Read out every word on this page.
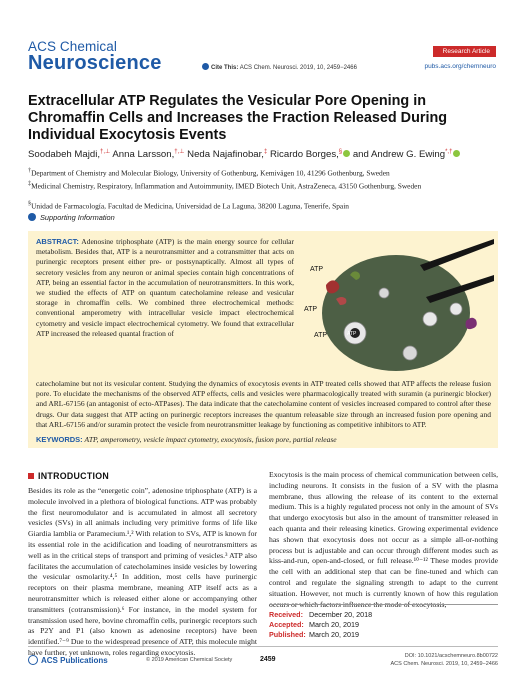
ACS Chemical
Neuroscience	Cite This: ACS Chem. Neurosci. 2019, 10, 2459−2466
Research Article
pubs.acs.org/chemneuro
Extracellular ATP Regulates the Vesicular Pore Opening in Chromaffin Cells and Increases the Fraction Released During Individual Exocytosis Events
Soodabeh Majdi,†,⊥ Anna Larsson,†,⊥ Neda Najafinobar,‡ Ricardo Borges,§ and Andrew G. Ewing*,†
†Department of Chemistry and Molecular Biology, University of Gothenburg, Kemivägen 10, 41296 Gothenburg, Sweden
‡Medicinal Chemistry, Respiratory, Inflammation and Autoimmunity, IMED Biotech Unit, AstraZeneca, 43150 Gothenburg, Sweden
§Unidad de Farmacología, Facultad de Medicina, Universidad de La Laguna, 38200 Laguna, Tenerife, Spain
Supporting Information
ABSTRACT: Adenosine triphosphate (ATP) is the main energy source for cellular metabolism. Besides that, ATP is a neurotransmitter and a cotransmitter that acts on purinergic receptors present either pre- or postsynaptically. Almost all types of secretory vesicles from any neuron or animal species contain high concentrations of ATP, being an essential factor in the accumulation of neurotransmitters. In this work, we studied the effects of ATP on quantum catecholamine release and vesicular storage in chromaffin cells. We combined three electrochemical methods: conventional amperometry with intracellular vesicle impact electrochemical cytometry and vesicle impact electrochemical cytometry. We found that extracellular ATP increased the released quantal fraction of
ATP
ATP
ATP	ATP
catecholamine but not its vesicular content. Studying the dynamics of exocytosis events in ATP treated cells showed that ATP affects the release fusion pore. To elucidate the mechanisms of the observed ATP effects, cells and vesicles were pharmacologically treated with suramin (a purinergic blocker) and ARL-67156 (an antagonist of ecto-ATPases). The data indicate that the catecholamine content of vesicles increased compared to control after these drugs. Our data suggest that ATP acting on purinergic receptors increases the quantum releasable size through an increased fusion pore opening and that ARL-67156 and/or suramin protect the vesicle from neurotransmitter leakage by functioning as competitive inhibitors to ATP.
KEYWORDS: ATP, amperometry, vesicle impact cytometry, exocytosis, fusion pore, partial release
INTRODUCTION
Besides its role as the “energetic coin”, adenosine triphosphate (ATP) is a molecule involved in a plethora of biological functions. ATP was probably the first neuromodulator and is accumulated in almost all secretory vesicles (SVs) in all animals including very primitive forms of life like Giardia lamblia or Paramecium.¹,² With relation to SVs, ATP is known for its essential role in the acidification and loading of neurotransmitters as well as in the critical steps of transport and priming of vesicles.³ ATP also facilitates the accumulation of catecholamines inside vesicles by lowering the vesicular osmolarity.⁴,⁵ In addition, most cells have purinergic receptors on their plasma membrane, meaning ATP itself acts as a neurotransmitter which is released either alone or accompanying other transmitters (cotransmission).⁶ For instance, in the model system for transmission used here, bovine chromaffin cells, purinergic receptors such as P2Y and P1 (also known as adenosine receptors) have been identified.⁷⁻⁹ Due to the widespread presence of ATP, this molecule might have further, yet unknown, roles regarding exocytosis.
Exocytosis is the main process of chemical communication between cells, including neurons. It consists in the fusion of a SV with the plasma membrane, thus allowing the release of its content to the external medium. This is a highly regulated process not only in the amount of SVs that undergo exocytosis but also in the amount of transmitter released in each quanta and their releasing kinetics. Growing experimental evidence has shown that exocytosis does not occur as a simple all-or-nothing process but is adjustable and can occur through different modes such as kiss-and-run, open-and-closed, or full release.¹⁰⁻¹² These modes provide the cell with an additional step that can be fine-tuned and which can control and regulate the signaling strength to adapt to the current situation. However, not much is currently known of how this regulation occurs or which factors influence the mode of exocytosis,
Received: December 20, 2018
Accepted: March 20, 2019
Published: March 20, 2019
ACS Publications	© 2019 American Chemical Society	2459	DOI: 10.1021/acschemneuro.8b00722
ACS Chem. Neurosci. 2019, 10, 2459−2466
